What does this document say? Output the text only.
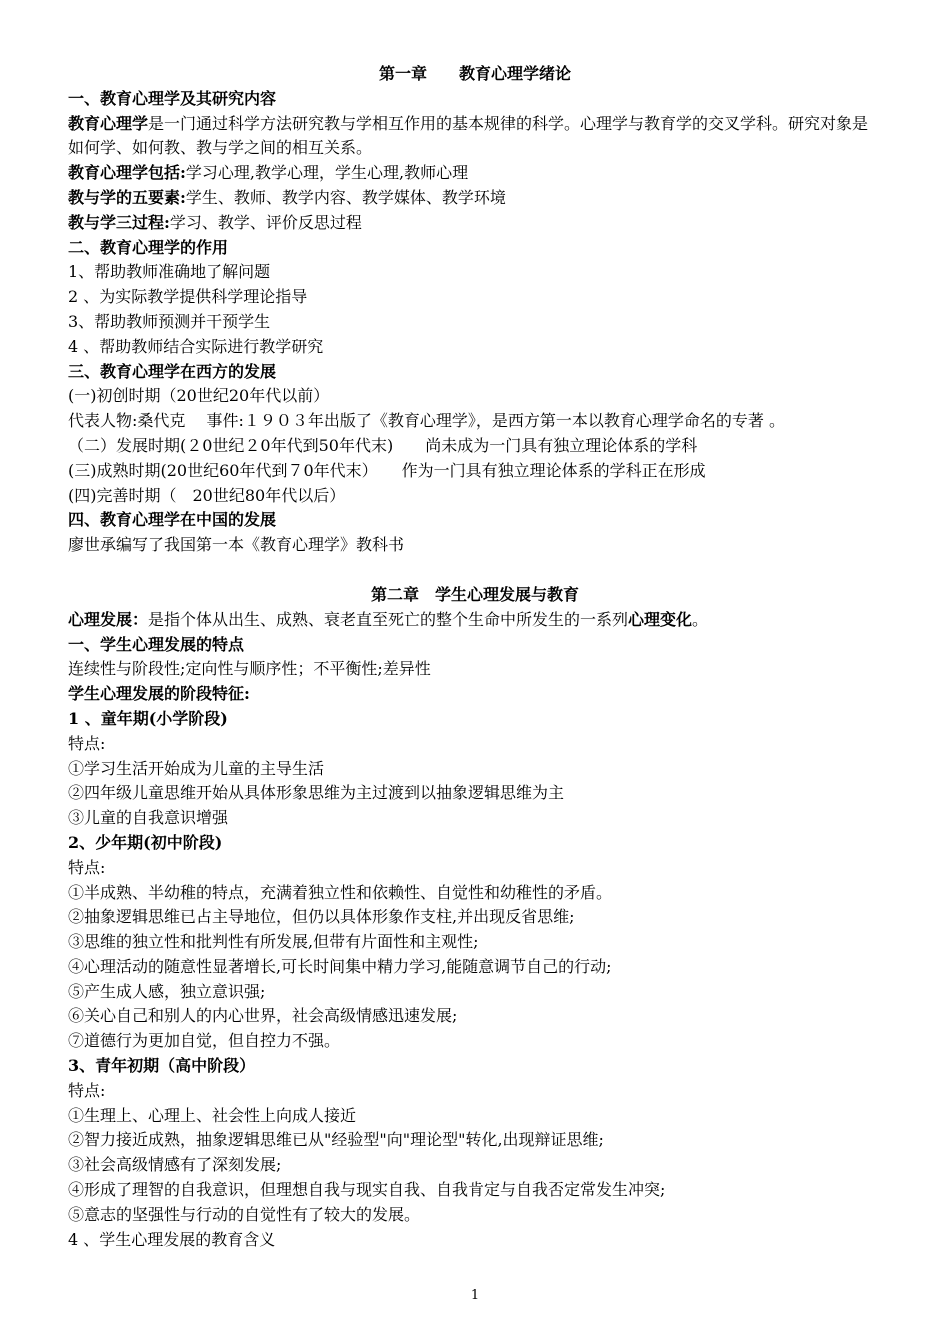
第一章　　教育心理学绪论

一、教育心理学及其研究内容

教育心理学是一门通过科学方法研究教与学相互作用的基本规律的科学。心理学与教育学的交叉学科。研究对象是如何学、如何教、教与学之间的相互关系。

教育心理学包括:学习心理,教学心理，学生心理,教师心理

教与学的五要素:学生、教师、教学内容、教学媒体、教学环境

教与学三过程:学习、教学、评价反思过程

二、教育心理学的作用

1、帮助教师准确地了解问题

2 、为实际教学提供科学理论指导

3、帮助教师预测并干预学生

4 、帮助教师结合实际进行教学研究

三、教育心理学在西方的发展

(一)初创时期（20世纪20年代以前）

代表人物:桑代克　 事件:１９０３年出版了《教育心理学》，是西方第一本以教育心理学命名的专著 。

（二）发展时期(２0世纪２0年代到50年代末)　　尚未成为一门具有独立理论体系的学科

(三)成熟时期(20世纪60年代到７0年代末）　　作为一门具有独立理论体系的学科正在形成

(四)完善时期（　20世纪80年代以后）

四、教育心理学在中国的发展

廖世承编写了我国第一本《教育心理学》教科书

第二章　学生心理发展与教育

心理发展：是指个体从出生、成熟、衰老直至死亡的整个生命中所发生的一系列心理变化。

一、学生心理发展的特点

连续性与阶段性;定向性与顺序性；不平衡性;差异性

学生心理发展的阶段特征:

1 、童年期(小学阶段)

特点:

①学习生活开始成为儿童的主导生活

②四年级儿童思维开始从具体形象思维为主过渡到以抽象逻辑思维为主

③儿童的自我意识增强

2、少年期(初中阶段)

特点:

①半成熟、半幼稚的特点，充满着独立性和依赖性、自觉性和幼稚性的矛盾。

②抽象逻辑思维已占主导地位，但仍以具体形象作支柱,并出现反省思维;

③思维的独立性和批判性有所发展,但带有片面性和主观性;

④心理活动的随意性显著增长,可长时间集中精力学习,能随意调节自己的行动;

⑤产生成人感，独立意识强;

⑥关心自己和别人的内心世界，社会高级情感迅速发展;

⑦道德行为更加自觉，但自控力不强。

3、青年初期（高中阶段）

特点:

①生理上、心理上、社会性上向成人接近

②智力接近成熟，抽象逻辑思维已从"经验型"向"理论型"转化,出现辩证思维;

③社会高级情感有了深刻发展;

④形成了理智的自我意识，但理想自我与现实自我、自我肯定与自我否定常发生冲突;

⑤意志的坚强性与行动的自觉性有了较大的发展。

4 、学生心理发展的教育含义

1
